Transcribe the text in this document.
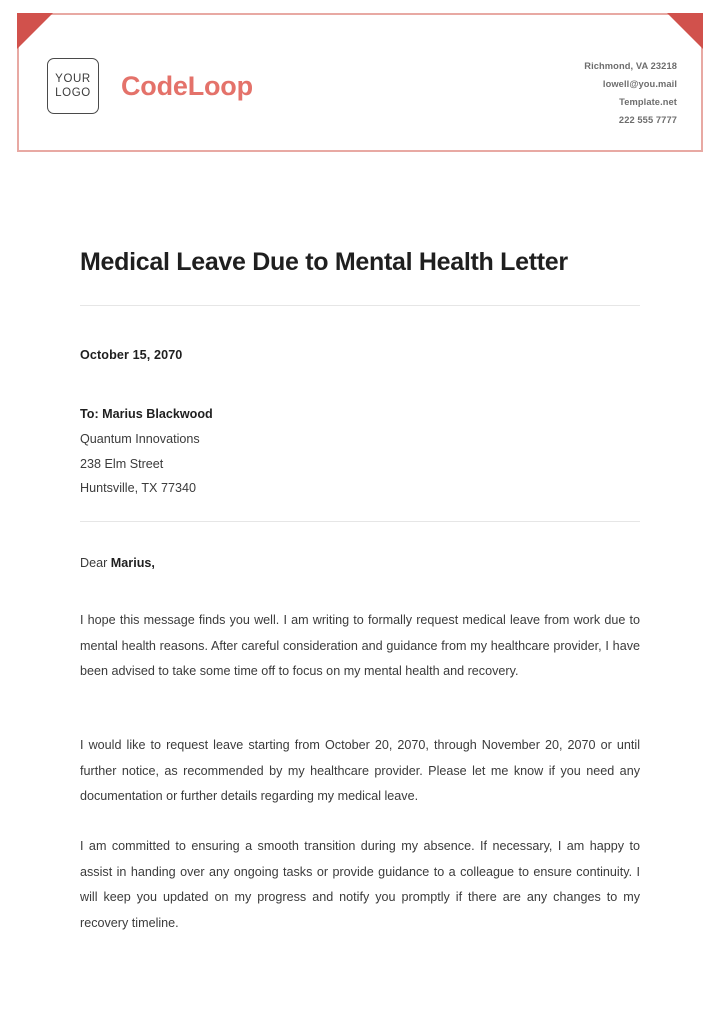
YOUR
LOGO CodeLoop
Richmond, VA 23218
lowell@you.mail
Template.net
222 555 7777
Medical Leave Due to Mental Health Letter
October 15, 2070
To: Marius Blackwood
Quantum Innovations
238 Elm Street
Huntsville, TX 77340
Dear Marius,
I hope this message finds you well. I am writing to formally request medical leave from work due to mental health reasons. After careful consideration and guidance from my healthcare provider, I have been advised to take some time off to focus on my mental health and recovery.
I would like to request leave starting from October 20, 2070, through November 20, 2070 or until further notice, as recommended by my healthcare provider. Please let me know if you need any documentation or further details regarding my medical leave.
I am committed to ensuring a smooth transition during my absence. If necessary, I am happy to assist in handing over any ongoing tasks or provide guidance to a colleague to ensure continuity. I will keep you updated on my progress and notify you promptly if there are any changes to my recovery timeline.
